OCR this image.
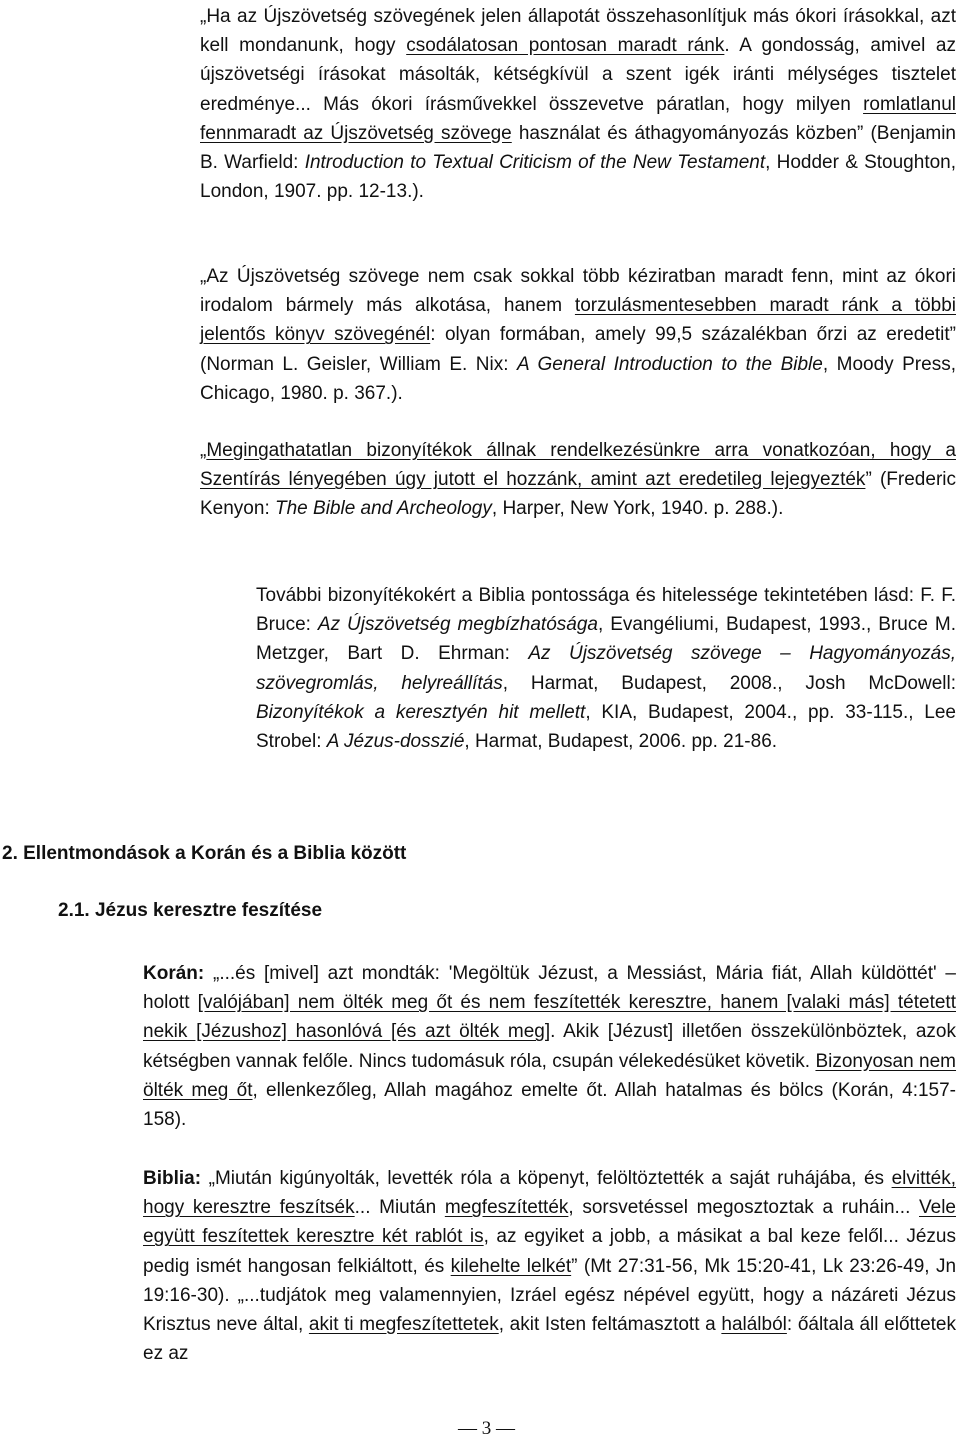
„Ha az Újszövetség szövegének jelen állapotát összehasonlítjuk más ókori írásokkal, azt kell mondanunk, hogy csodálatosan pontosan maradt ránk. A gondosság, amivel az újszövetségi írásokat másolták, kétségkívül a szent igék iránti mélységes tisztelet eredménye... Más ókori írásművekkel összevetve páratlan, hogy milyen romlatlanul fennmaradt az Újszövetség szövege használat és áthagyományozás közben” (Benjamin B. Warfield: Introduction to Textual Criticism of the New Testament, Hodder & Stoughton, London, 1907. pp. 12-13.).

„Az Újszövetség szövege nem csak sokkal több kéziratban maradt fenn, mint az ókori irodalom bármely más alkotása, hanem torzulásmentesebben maradt ránk a többi jelentős könyv szövegénél: olyan formában, amely 99,5 százalékban őrzi az eredetit” (Norman L. Geisler, William E. Nix: A General Introduction to the Bible, Moody Press, Chicago, 1980. p. 367.).

„Megingathatatlan bizonyítékok állnak rendelkezésünkre arra vonatkozóan, hogy a Szentírás lényegében úgy jutott el hozzánk, amint azt eredetileg lejegyezték” (Frederic Kenyon: The Bible and Archeology, Harper, New York, 1940. p. 288.).

További bizonyítékokért a Biblia pontossága és hitelessége tekintetében lásd: F. F. Bruce: Az Újszövetség megbízhatósága, Evangéliumi, Budapest, 1993., Bruce M. Metzger, Bart D. Ehrman: Az Újszövetség szövege – Hagyományozás, szövegromlás, helyreállítás, Harmat, Budapest, 2008., Josh McDowell: Bizonyítékok a keresztyén hit mellett, KIA, Budapest, 2004., pp. 33-115., Lee Strobel: A Jézus-dosszié, Harmat, Budapest, 2006. pp. 21-86.

2. Ellentmondások a Korán és a Biblia között
2.1. Jézus keresztre feszítése

Korán: „...és [mivel] azt mondták: 'Megöltük Jézust, a Messiást, Mária fiát, Allah küldöttét' – holott [valójában] nem ölték meg őt és nem feszítették keresztre, hanem [valaki más] tétetett nekik [Jézushoz] hasonlóvá [és azt ölték meg]. Akik [Jézust] illetően összekülönböztek, azok kétségben vannak felőle. Nincs tudomásuk róla, csupán vélekedésüket követik. Bizonyosan nem ölték meg őt, ellenkezőleg, Allah magához emelte őt. Allah hatalmas és bölcs (Korán, 4:157-158).

Biblia: „Miután kigúnyolták, levették róla a köpenyt, felöltöztették a saját ruhájába, és elvitték, hogy keresztre feszítsék... Miután megfeszítették, sorsvetéssel megosztoztak a ruháin... Vele együtt feszítettek keresztre két rablót is, az egyiket a jobb, a másikat a bal keze felől... Jézus pedig ismét hangosan felkiáltott, és kilehelte lelkét” (Mt 27:31-56, Mk 15:20-41, Lk 23:26-49, Jn 19:16-30). „...tudjátok meg valamennyien, Izráel egész népével együtt, hogy a názáreti Jézus Krisztus neve által, akit ti megfeszítettetek, akit Isten feltámasztott a halálból: őáltala áll előttetek ez az

— 3 —
